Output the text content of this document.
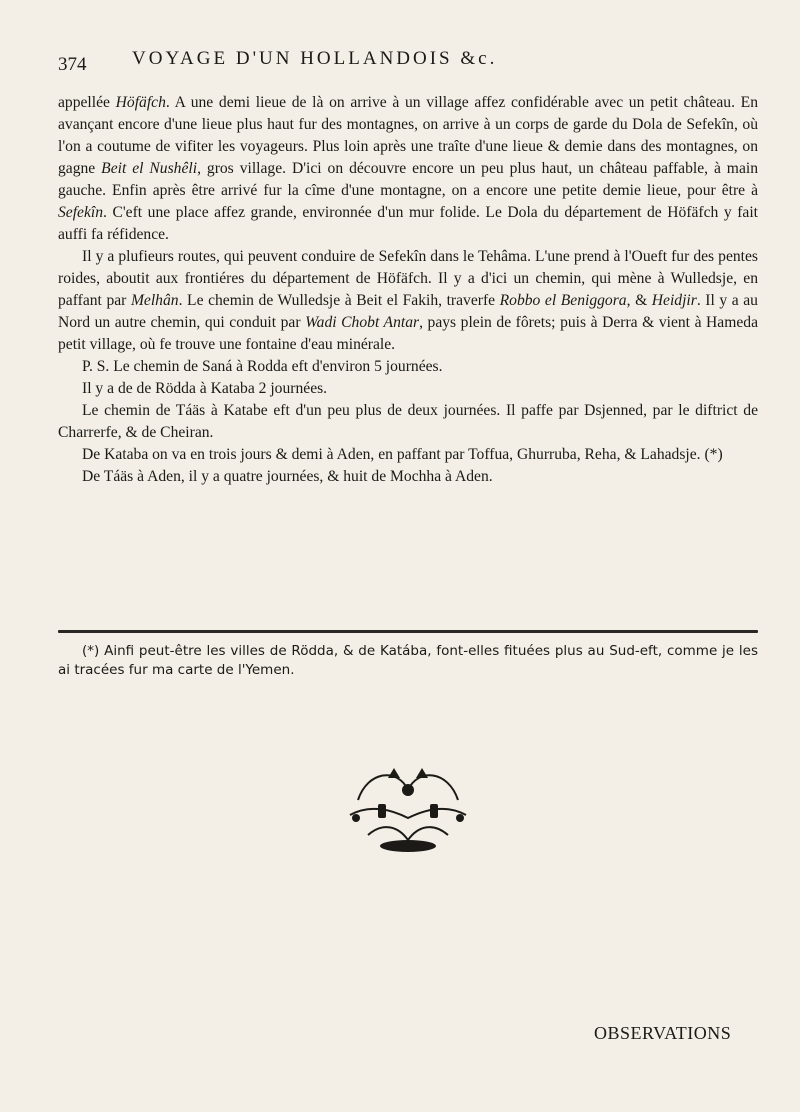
374 VOYAGE D'UN HOLLANDOIS &c.

appellée Höfäfch. A une demi lieue de là on arrive à un village affez confidérable avec un petit château. En avançant encore d'une lieue plus haut fur des montagnes, on arrive à un corps de garde du Dola de Sefekîn, où l'on a coutume de vifiter les voyageurs. Plus loin après une traîte d'une lieue & demie dans des montagnes, on gagne Beit el Nushêli, gros village. D'ici on découvre encore un peu plus haut, un château paffable, à main gauche. Enfin après être arrivé fur la cîme d'une montagne, on a encore une petite demie lieue, pour être à Sefekîn. C'eft une place affez grande, environnée d'un mur folide. Le Dola du département de Höfäfch y fait auffi fa réfidence.

Il y a plufieurs routes, qui peuvent conduire de Sefekîn dans le Tehâma. L'une prend à l'Oueft fur des pentes roides, aboutit aux frontiéres du département de Höfäfch. Il y a d'ici un chemin, qui mène à Wulledsje, en paffant par Melhân. Le chemin de Wulledsje à Beit el Fakih, traverfe Robbo el Beniggora, & Heidjir. Il y a au Nord un autre chemin, qui conduit par Wadi Chobt Antar, pays plein de fôrets; puis à Derra & vient à Hameda petit village, où fe trouve une fontaine d'eau minérale.

P. S. Le chemin de Saná à Rodda eft d'environ 5 journées.

Il y a de de Rödda à Kataba 2 journées.

Le chemin de Táäs à Katabe eft d'un peu plus de deux journées. Il paffe par Dsjenned, par le diftrict de Charrerfe, & de Cheiran.

De Kataba on va en trois jours & demi à Aden, en paffant par Toffua, Ghurruba, Reha, & Lahadsje. (*)

De Táäs à Aden, il y a quatre journées, & huit de Mochha à Aden.

(*) Ainfi peut-être les villes de Rödda, & de Katába, font-elles fituées plus au Sud-eft, comme je les ai tracées fur ma carte de l'Yemen.
OBSERVATIONS
